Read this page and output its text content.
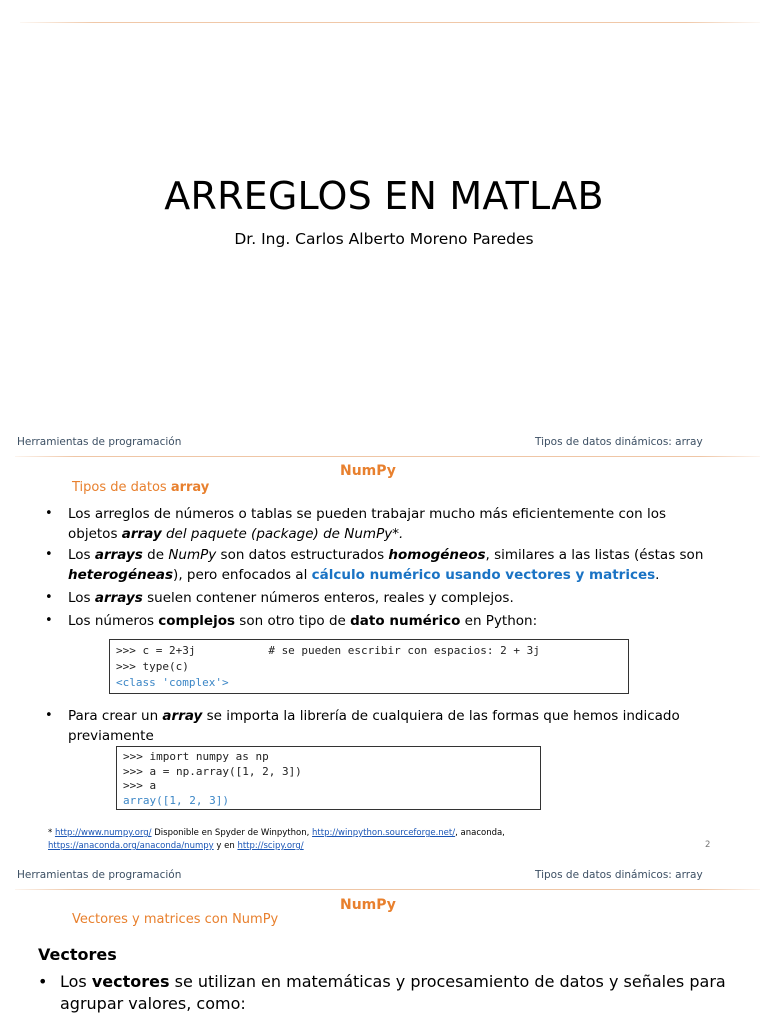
ARREGLOS EN MATLAB
Dr. Ing. Carlos Alberto Moreno Paredes
Herramientas de programación	Tipos de datos dinámicos: array
NumPy
Tipos de datos array
• Los arreglos de números o tablas se pueden trabajar mucho más eficientemente con los objetos array del paquete (package) de NumPy*.
• Los arrays de NumPy son datos estructurados homogéneos, similares a las listas (éstas son heterogéneas), pero enfocados al cálculo numérico usando vectores y matrices.
• Los arrays suelen contener números enteros, reales y complejos.
• Los números complejos son otro tipo de dato numérico en Python:
>>> c = 2+3j           # se pueden escribir con espacios: 2 + 3j
>>> type(c)
<class 'complex'>
• Para crear un array se importa la librería de cualquiera de las formas que hemos indicado previamente
>>> import numpy as np
>>> a = np.array([1, 2, 3])
>>> a
array([1, 2, 3])
* http://www.numpy.org/ Disponible en Spyder de Winpython, http://winpython.sourceforge.net/, anaconda,
https://anaconda.org/anaconda/numpy y en http://scipy.org/	2
Herramientas de programación	Tipos de datos dinámicos: array
NumPy
Vectores y matrices con NumPy
Vectores
• Los vectores se utilizan en matemáticas y procesamiento de datos y señales para agrupar valores, como:
